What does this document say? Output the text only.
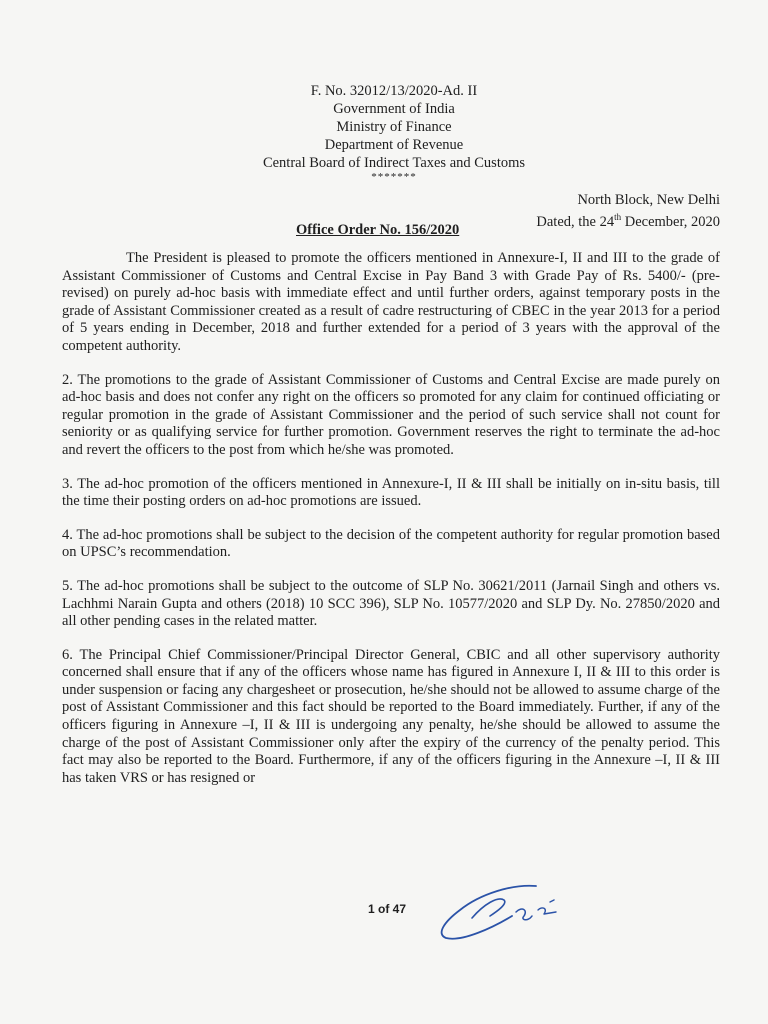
F. No. 32012/13/2020-Ad. II
Government of India
Ministry of Finance
Department of Revenue
Central Board of Indirect Taxes and Customs
*******
North Block, New Delhi
Dated, the 24th December, 2020
Office Order No. 156/2020

The President is pleased to promote the officers mentioned in Annexure-I, II and III to the grade of Assistant Commissioner of Customs and Central Excise in Pay Band 3 with Grade Pay of Rs. 5400/- (pre-revised) on purely ad-hoc basis with immediate effect and until further orders, against temporary posts in the grade of Assistant Commissioner created as a result of cadre restructuring of CBEC in the year 2013 for a period of 5 years ending in December, 2018 and further extended for a period of 3 years with the approval of the competent authority.

2. The promotions to the grade of Assistant Commissioner of Customs and Central Excise are made purely on ad-hoc basis and does not confer any right on the officers so promoted for any claim for continued officiating or regular promotion in the grade of Assistant Commissioner and the period of such service shall not count for seniority or as qualifying service for further promotion. Government reserves the right to terminate the ad-hoc and revert the officers to the post from which he/she was promoted.

3. The ad-hoc promotion of the officers mentioned in Annexure-I, II & III shall be initially on in-situ basis, till the time their posting orders on ad-hoc promotions are issued.

4. The ad-hoc promotions shall be subject to the decision of the competent authority for regular promotion based on UPSC’s recommendation.

5. The ad-hoc promotions shall be subject to the outcome of SLP No. 30621/2011 (Jarnail Singh and others vs. Lachhmi Narain Gupta and others (2018) 10 SCC 396), SLP No. 10577/2020 and SLP Dy. No. 27850/2020 and all other pending cases in the related matter.

6. The Principal Chief Commissioner/Principal Director General, CBIC and all other supervisory authority concerned shall ensure that if any of the officers whose name has figured in Annexure I, II & III to this order is under suspension or facing any chargesheet or prosecution, he/she should not be allowed to assume charge of the post of Assistant Commissioner and this fact should be reported to the Board immediately. Further, if any of the officers figuring in Annexure –I, II & III is undergoing any penalty, he/she should be allowed to assume the charge of the post of Assistant Commissioner only after the expiry of the currency of the penalty period. This fact may also be reported to the Board. Furthermore, if any of the officers figuring in the Annexure –I, II & III has taken VRS or has resigned or

1 of 47
